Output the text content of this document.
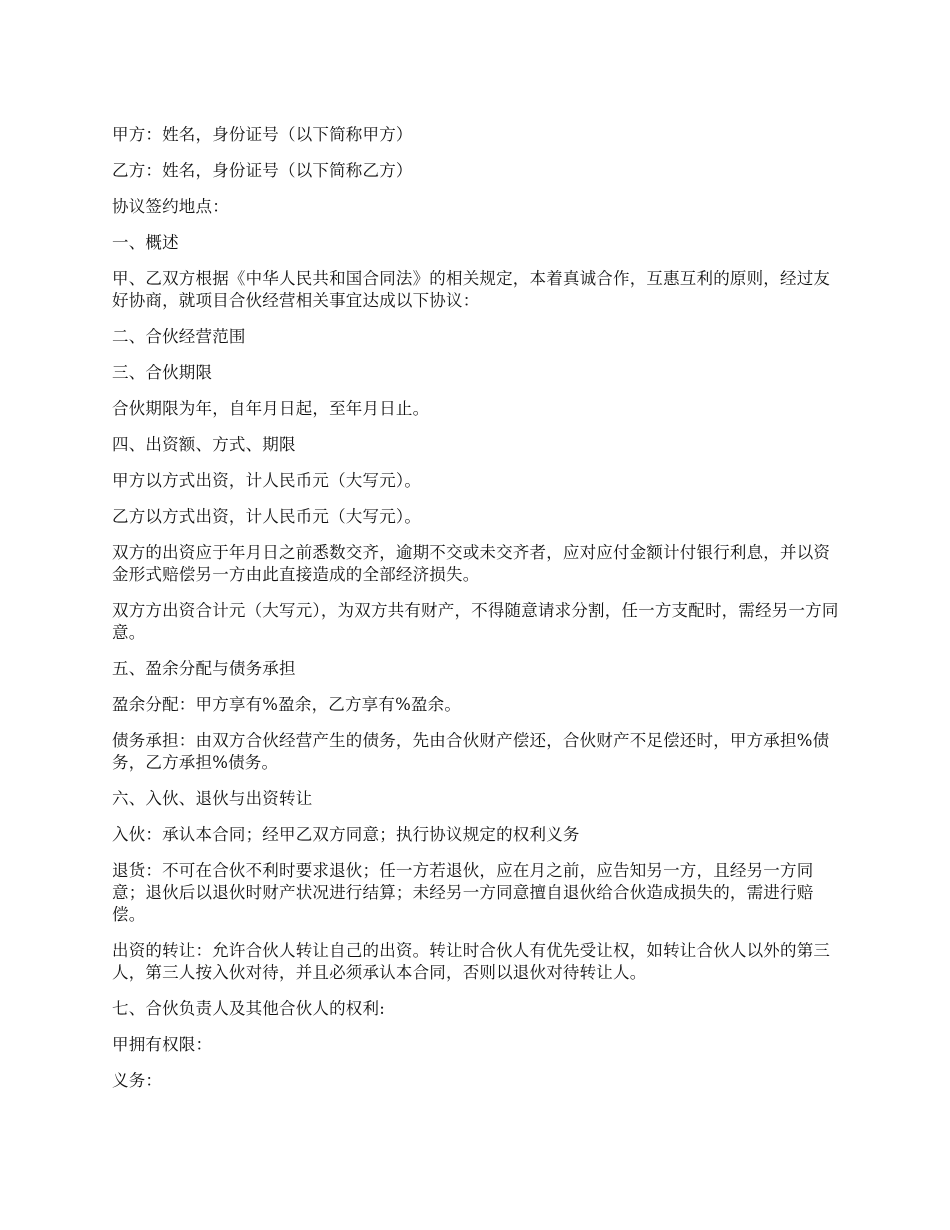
甲方：姓名，身份证号（以下简称甲方）

乙方：姓名，身份证号（以下简称乙方）

协议签约地点：

一、概述

甲、乙双方根据《中华人民共和国合同法》的相关规定，本着真诚合作，互惠互利的原则，经过友好协商，就项目合伙经营相关事宜达成以下协议：

二、合伙经营范围

三、合伙期限

合伙期限为年，自年月日起，至年月日止。

四、出资额、方式、期限

甲方以方式出资，计人民币元（大写元）。

乙方以方式出资，计人民币元（大写元）。

双方的出资应于年月日之前悉数交齐，逾期不交或未交齐者，应对应付金额计付银行利息，并以资金形式赔偿另一方由此直接造成的全部经济损失。

双方方出资合计元（大写元），为双方共有财产，不得随意请求分割，任一方支配时，需经另一方同意。

五、盈余分配与债务承担

盈余分配：甲方享有%盈余，乙方享有%盈余。

债务承担：由双方合伙经营产生的债务，先由合伙财产偿还，合伙财产不足偿还时，甲方承担%债务，乙方承担%债务。

六、入伙、退伙与出资转让

入伙：承认本合同；经甲乙双方同意；执行协议规定的权利义务

退货：不可在合伙不利时要求退伙；任一方若退伙，应在月之前，应告知另一方，且经另一方同意；退伙后以退伙时财产状况进行结算；未经另一方同意擅自退伙给合伙造成损失的，需进行赔偿。

出资的转让：允许合伙人转让自己的出资。转让时合伙人有优先受让权，如转让合伙人以外的第三人，第三人按入伙对待，并且必须承认本合同，否则以退伙对待转让人。

七、合伙负责人及其他合伙人的权利:

甲拥有权限：

义务：
